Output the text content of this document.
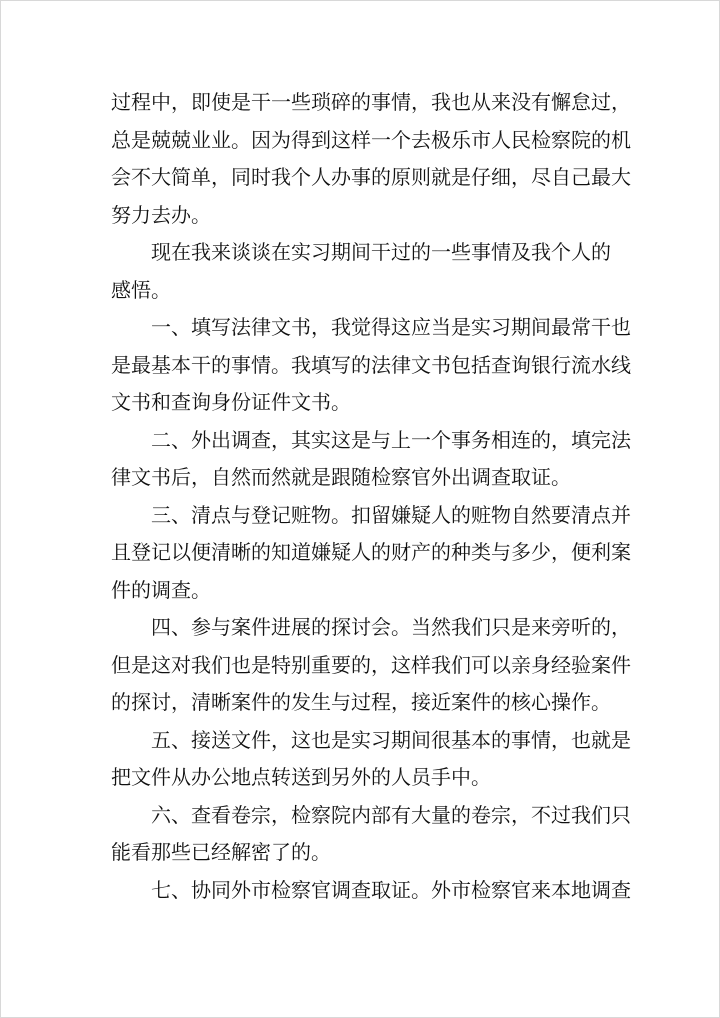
过程中，即使是干一些琐碎的事情，我也从来没有懈怠过，
总是兢兢业业。因为得到这样一个去极乐市人民检察院的机
会不大简单，同时我个人办事的原则就是仔细，尽自己最大
努力去办。
现在我来谈谈在实习期间干过的一些事情及我个人的
感悟。
一、填写法律文书，我觉得这应当是实习期间最常干也
是最基本干的事情。我填写的法律文书包括查询银行流水线
文书和查询身份证件文书。
二、外出调查，其实这是与上一个事务相连的，填完法
律文书后，自然而然就是跟随检察官外出调查取证。
三、清点与登记赃物。扣留嫌疑人的赃物自然要清点并
且登记以便清晰的知道嫌疑人的财产的种类与多少，便利案
件的调查。
四、参与案件进展的探讨会。当然我们只是来旁听的，
但是这对我们也是特别重要的，这样我们可以亲身经验案件
的探讨，清晰案件的发生与过程，接近案件的核心操作。
五、接送文件，这也是实习期间很基本的事情，也就是
把文件从办公地点转送到另外的人员手中。
六、查看卷宗，检察院内部有大量的卷宗，不过我们只
能看那些已经解密了的。
七、协同外市检察官调查取证。外市检察官来本地调查
